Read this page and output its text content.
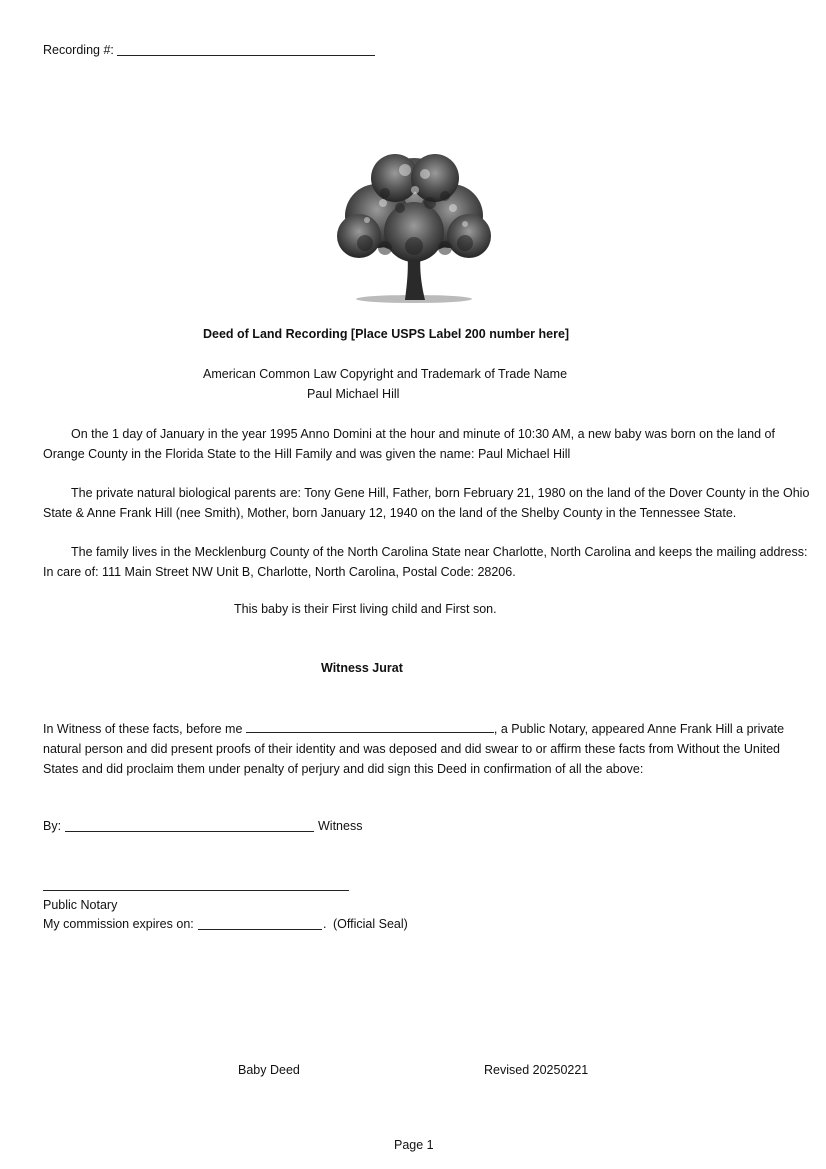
Recording #:
Deed of Land Recording [Place USPS Label 200 number here]
American Common Law Copyright and Trademark of Trade Name
Paul Michael Hill
On the 1 day of January in the year 1995 Anno Domini at the hour and minute of 10:30 AM, a new baby was born on the land of Orange County in the Florida State to the Hill Family and was given the name: Paul Michael Hill
The private natural biological parents are: Tony Gene Hill, Father, born February 21, 1980 on the land of the Dover County in the Ohio State & Anne Frank Hill (nee Smith), Mother, born January 12, 1940 on the land of the Shelby County in the Tennessee State.
The family lives in the Mecklenburg County of the North Carolina State near Charlotte, North Carolina and keeps the mailing address: In care of: 111 Main Street NW Unit B, Charlotte, North Carolina, Postal Code: 28206.
This baby is their First living child and First son.
Witness Jurat
In Witness of these facts, before me	, a Public Notary, appeared Anne Frank Hill a private natural person and did present proofs of their identity and was deposed and did swear to or affirm these facts from Without the United States and did proclaim them under penalty of perjury and did sign this Deed in confirmation of all the above:
By:	Witness
Public Notary
My commission expires on:	. (Official Seal)
Baby Deed	Revised 20250221
Page 1
